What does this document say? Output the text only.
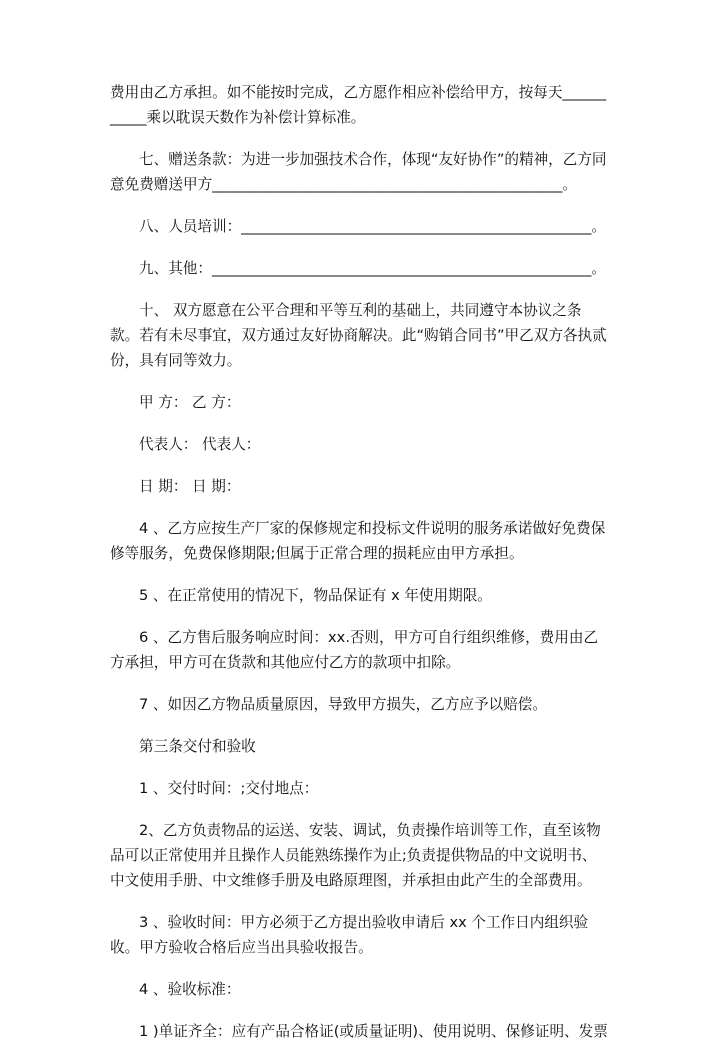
费用由乙方承担。如不能按时完成，乙方愿作相应补偿给甲方，按每天___________乘以耽误天数作为补偿计算标准。

七、赠送条款：为进一步加强技术合作，体现“友好协作”的精神，乙方同意免费赠送甲方________________________________________________。

八、人员培训：________________________________________________。

九、其他：____________________________________________________。

十、 双方愿意在公平合理和平等互利的基础上，共同遵守本协议之条款。若有未尽事宜，双方通过友好协商解决。此“购销合同书”甲乙双方各执贰份，具有同等效力。

甲 方： 乙 方：

代表人： 代表人：

日 期： 日 期：

4 、乙方应按生产厂家的保修规定和投标文件说明的服务承诺做好免费保修等服务，免费保修期限;但属于正常合理的损耗应由甲方承担。

5 、在正常使用的情况下，物品保证有 x 年使用期限。

6 、乙方售后服务响应时间：xx.否则，甲方可自行组织维修，费用由乙方承担，甲方可在货款和其他应付乙方的款项中扣除。

7 、如因乙方物品质量原因，导致甲方损失，乙方应予以赔偿。

第三条交付和验收

1 、交付时间：;交付地点：

2、乙方负责物品的运送、安装、调试，负责操作培训等工作，直至该物品可以正常使用并且操作人员能熟练操作为止;负责提供物品的中文说明书、中文使用手册、中文维修手册及电路原理图，并承担由此产生的全部费用。

3 、验收时间：甲方必须于乙方提出验收申请后 xx 个工作日内组织验收。甲方验收合格后应当出具验收报告。

4 、验收标准：

1 )单证齐全：应有产品合格证(或质量证明)、使用说明、保修证明、发票
